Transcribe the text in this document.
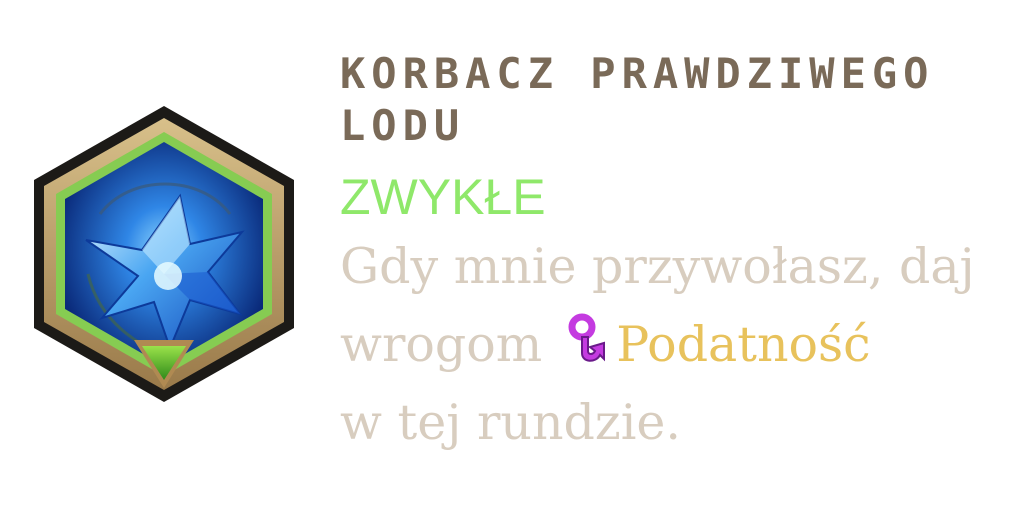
KORBACZ PRAWDZIWEGO LODU
ZWYKŁE
Gdy mnie przywołasz, daj
wrogom Podatność
w tej rundzie.
